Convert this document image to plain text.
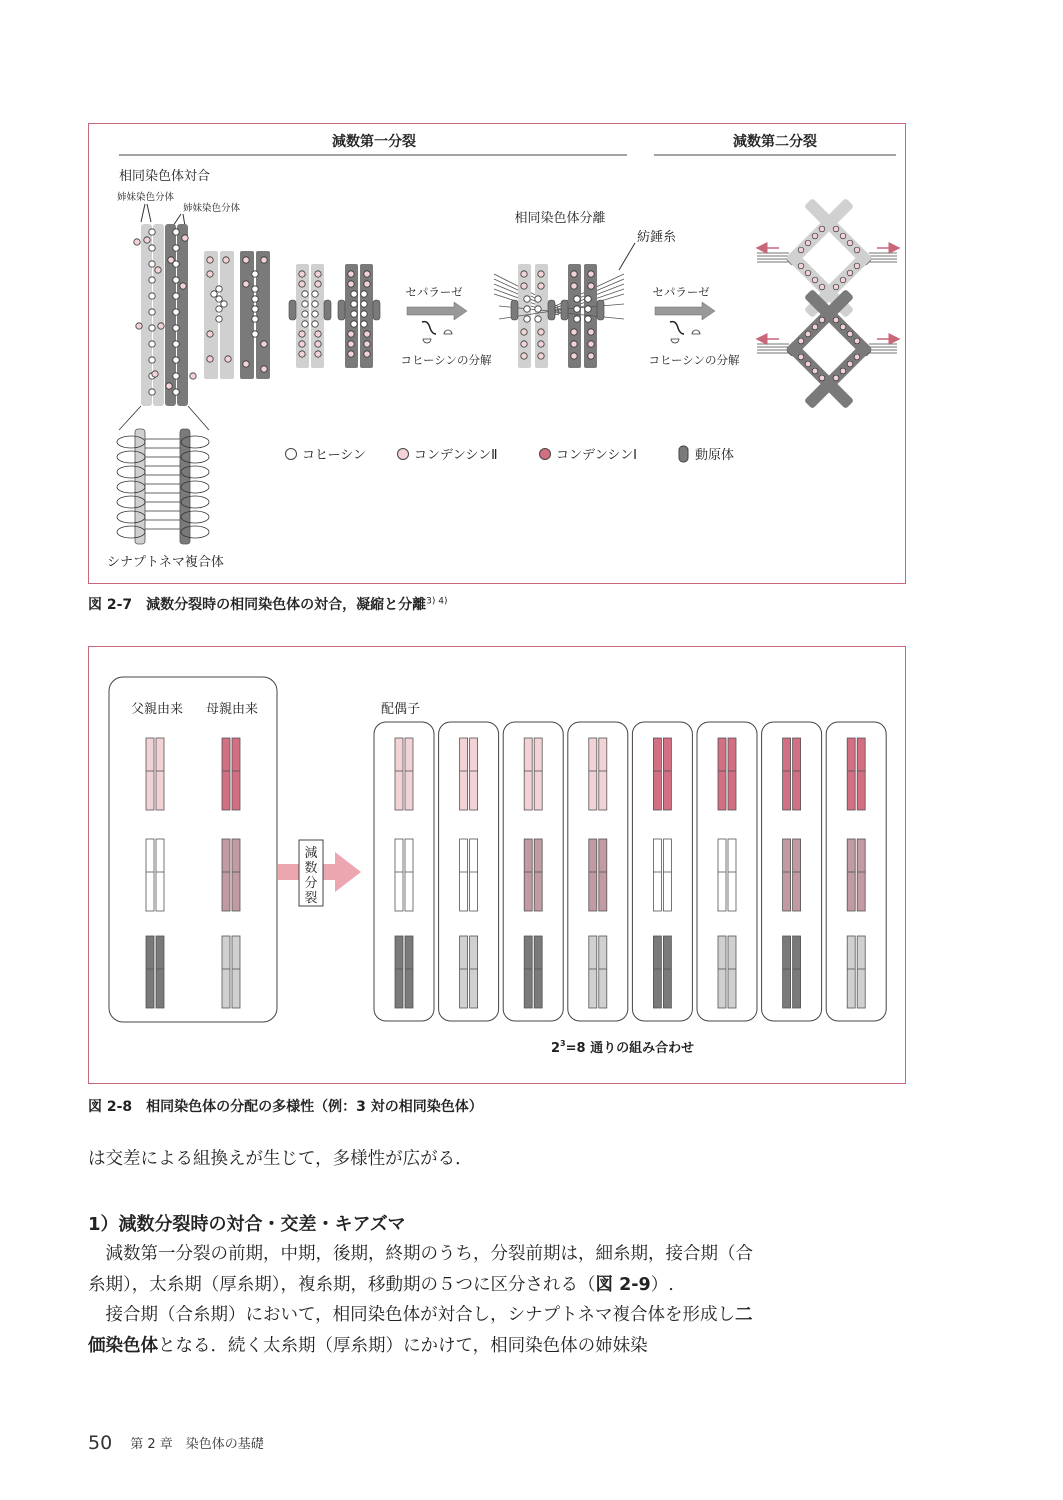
減数第一分裂	減数第二分裂
相同染色体対合
姉妹染色分体
姉妹染色分体
セパラーゼ
コヒーシンの分解
相同染色体分離
紡錘糸
セパラーゼ
コヒーシンの分解
シナプトネマ複合体
コヒーシン	コンデンシンⅡ	コンデンシンⅠ	動原体
図 2-7　 減数分裂時の相同染色体の対合，凝縮と分離$^{3) 4)}$
父親由来 母親由来
減数分裂
配偶子
$2^3=8$ 通りの組み合わせ
図 2-8　 相同染色体の分配の多様性（例：3 対の相同染色体）

は交差による組換えが生じて，多様性が広がる．

1）減数分裂時の対合・交差・キアズマ

減数第一分裂の前期，中期，後期，終期のうち，分裂前期は，細糸期，接合期（合糸期），太糸期（厚糸期），複糸期，移動期の５つに区分される（図 2-9）.

接合期（合糸期）において，相同染色体が対合し，シナプトネマ複合体を形成し二価染色体となる．続く太糸期（厚糸期）にかけて，相同染色体の姉妹染

50 第 2 章　染色体の基礎
